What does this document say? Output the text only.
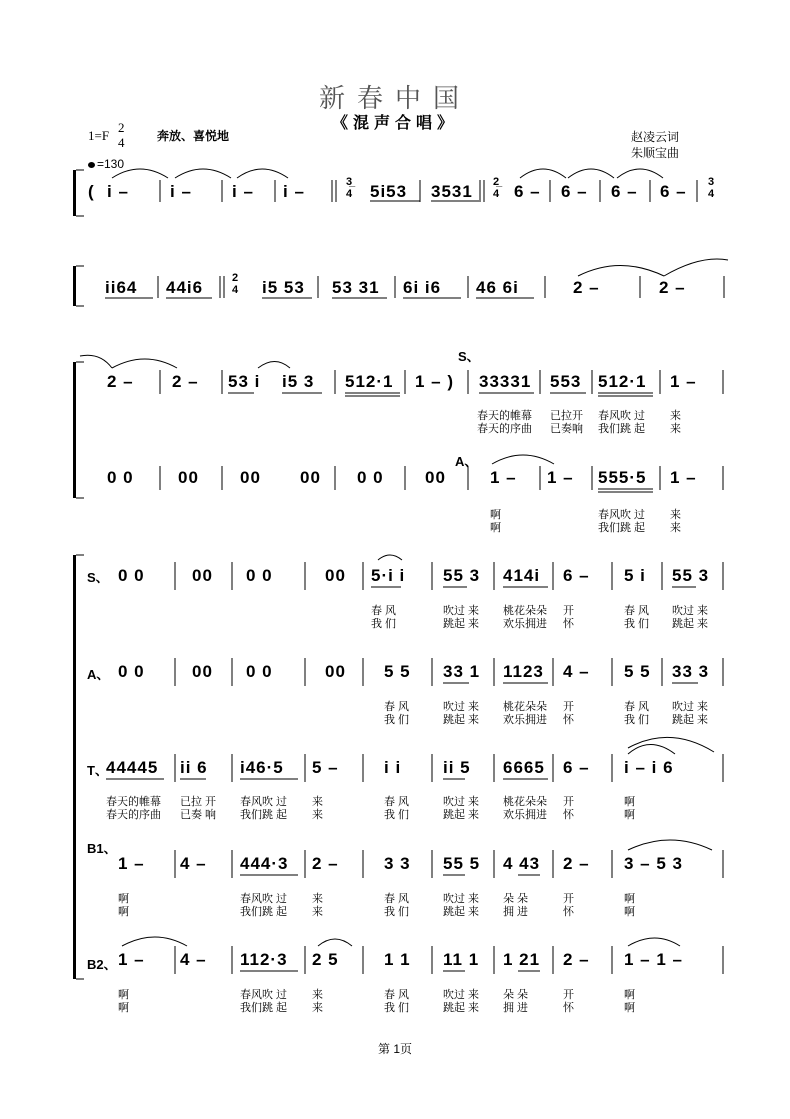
新春中国
《混声合唱》
1=F
2
4	奔放、喜悦地	赵凌云词
朱顺宝曲
=130
( i – i – i – i –	3̲ 4 5i53 3531 2̲ 4 6 – 6 – 6 – 6 – 3 4
ii64 44i6	2 4 i5 53 53 31 6i i6 46 6i	2 –	2 –
S、
A、
2 – 2 – 53 i i5 3 512·1 1 – ) 33331 553 512·1 1 –
春天的帷幕 已拉开 春风吹 过 来
春天的序曲 已奏响 我们跳 起 来
0 0	00 00 00 0 0 00	1 – 1 – 555·5 1 –
啊	春风吹 过 来
啊	我们跳 起 来
S、
A、
T、
B1、
B2、
0 0	00 0 0	00 5·i i 55 3 414i 6 – 5 i 55 3
春 风	吹过 来 桃花朵朵 开	春 风 吹过 来
我 们	跳起 来 欢乐拥进 怀	我 们 跳起 来
0 0	00 0 0	00 5 5 33 1 1123 4 – 5 5 33 3
春 风	吹过 来 桃花朵朵 开	春 风 吹过 来
我 们	跳起 来 欢乐拥进 怀	我 们 跳起 来
44445 ii 6 i46·5 5 –	i i ii 5 6665 6 – i – i 6
春天的帷幕 已拉 开 春风吹 过 来	春 风	吹过 来 桃花朵朵 开	啊
春天的序曲 已奏 响 我们跳 起 来	我 们	跳起 来 欢乐拥进 怀	啊
1 – 4 – 444·3 2 –	3 3 55 5 4 43 2 – 3 – 5 3
啊	春风吹 过 来	春 风	吹过 来 朵 朵	开	啊
啊	我们跳 起 来	我 们	跳起 来 拥 进	怀	啊
1 – 4 – 112·3 2 5	1 1 11 1 1 21 2 – 1 – 1 –
啊	春风吹 过 来	春 风	吹过 来 朵 朵	开	啊
啊	我们跳 起 来	我 们	跳起 来 拥 进	怀	啊
第 1页
